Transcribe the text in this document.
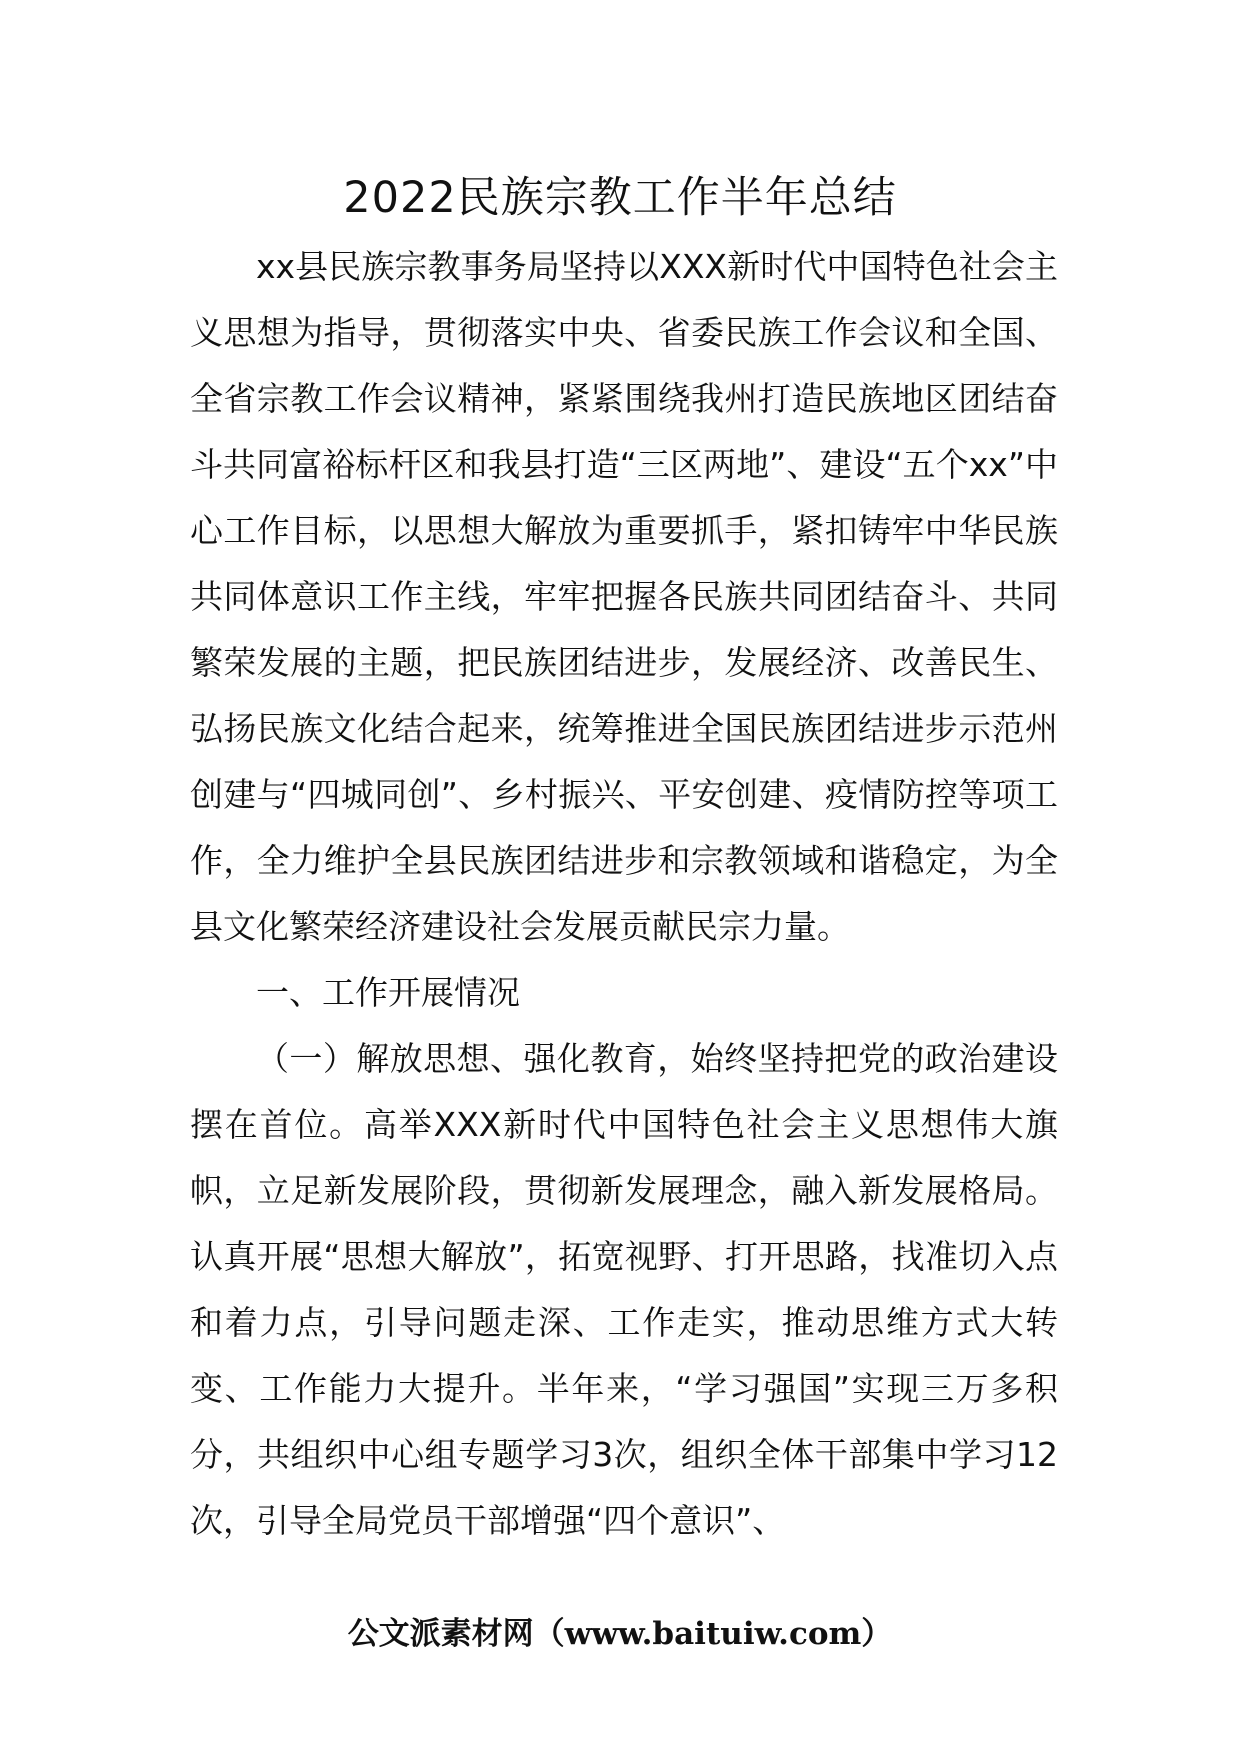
2022民族宗教工作半年总结

xx县民族宗教事务局坚持以XXX新时代中国特色社会主义思想为指导，贯彻落实中央、省委民族工作会议和全国、全省宗教工作会议精神，紧紧围绕我州打造民族地区团结奋斗共同富裕标杆区和我县打造“三区两地”、建设“五个xx”中心工作目标，以思想大解放为重要抓手，紧扣铸牢中华民族共同体意识工作主线，牢牢把握各民族共同团结奋斗、共同繁荣发展的主题，把民族团结进步，发展经济、改善民生、弘扬民族文化结合起来，统筹推进全国民族团结进步示范州创建与“四城同创”、乡村振兴、平安创建、疫情防控等项工作，全力维护全县民族团结进步和宗教领域和谐稳定，为全县文化繁荣经济建设社会发展贡献民宗力量。

一、工作开展情况

（一）解放思想、强化教育，始终坚持把党的政治建设摆在首位。高举XXX新时代中国特色社会主义思想伟大旗帜，立足新发展阶段，贯彻新发展理念，融入新发展格局。认真开展“思想大解放”，拓宽视野、打开思路，找准切入点和着力点，引导问题走深、工作走实，推动思维方式大转变、工作能力大提升。半年来，“学习强国”实现三万多积分，共组织中心组专题学习3次，组织全体干部集中学习12次，引导全局党员干部增强“四个意识”、

公文派素材网（www.baituiw.com）
